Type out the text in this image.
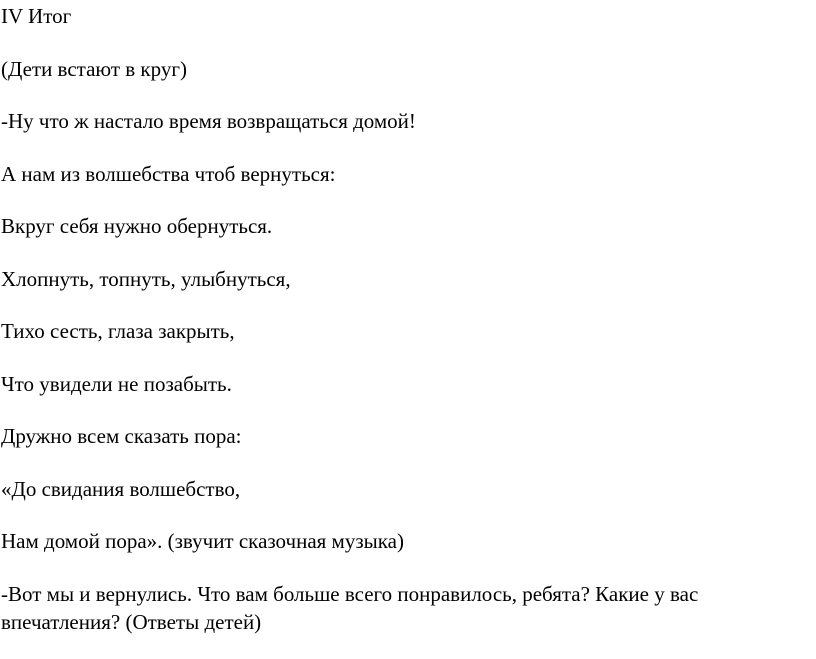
IV Итог
(Дети встают в круг)
-Ну что ж настало время возвращаться домой!
А нам из волшебства чтоб вернуться:
Вкруг себя нужно обернуться.
Хлопнуть, топнуть, улыбнуться,
Тихо сесть, глаза закрыть,
Что увидели не позабыть.
Дружно всем сказать пора:
«До свидания волшебство,
Нам домой пора». (звучит сказочная музыка)
-Вот мы и вернулись. Что вам больше всего понравилось, ребята? Какие у вас
впечатления? (Ответы детей)
